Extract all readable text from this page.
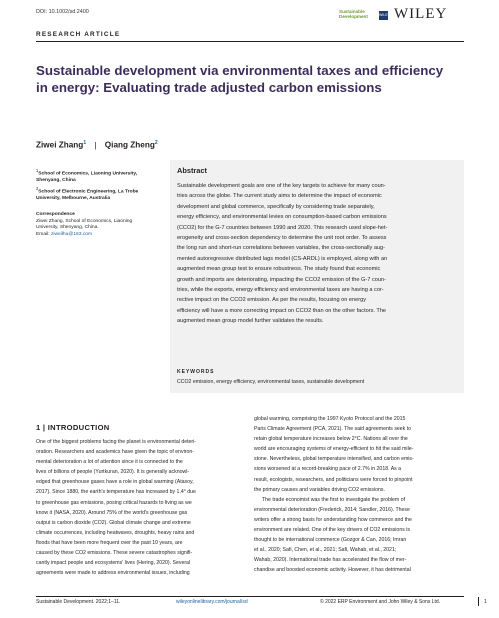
DOI: 10.1002/sd.2400	Sustainable
Development	WILEY WILEY
RESEARCH ARTICLE
Sustainable development via environmental taxes and efficiency in energy: Evaluating trade adjusted carbon emissions
Ziwei Zhang$^1$ | Qiang Zheng$^2$
$^1$School of Economics, Liaoning University, Shenyang, China
$^2$School of Electronic Engineering, La Trobe University, Melbourne, Australia
Correspondence
Ziwei Zhang, School of Economics, Liaoning
University, Shenyang, China.
Email: ziweilhu@163.com
Abstract
Sustainable development goals are one of the key targets to achieve for many coun-
tries across the globe. The current study aims to determine the impact of economic
development and global commerce, specifically by considering trade separately,
energy efficiency, and environmental levies on consumption-based carbon emissions
(CCO2) for the G-7 countries between 1990 and 2020. This research used slope-het-
erogeneity and cross-section dependency to determine the unit root order. To assess
the long run and short-run correlations between variables, the cross-sectionally aug-
mented autoregressive distributed lags model (CS-ARDL) is employed, along with an
augmented mean group test to ensure robustness. The study found that economic
growth and imports are deteriorating, impacting the CCO2 emission of the G-7 coun-
tries, while the exports, energy efficiency and environmental taxes are having a cor-
rective impact on the CCO2 emission. As per the results, focusing on energy
efficiency will have a more correcting impact on CCO2 than on the other factors. The
augmented mean group model further validates the results.
KEYWORDS
CCO2 emission, energy efficiency, environmental taxes, sustainable development
1 | INTRODUCTION
One of the biggest problems facing the planet is environmental deteri-
oration. Researchers and academics have given the topic of environ-
mental deterioration a lot of attention since it is connected to the
lives of billions of people (Yurtkuran, 2020). It is generally acknowl-
edged that greenhouse gases have a role in global warming (Atasoy,
2017). Since 1880, the earth's temperature has increased by 1.4° due
to greenhouse gas emissions, posing critical hazards to living as we
know it (NASA, 2020). Around 75% of the world's greenhouse gas
output is carbon dioxide (CO2). Global climate change and extreme
climate occurrences, including heatwaves, droughts, heavy rains and
floods that have been more frequent over the past 10 years, are
caused by these CO2 emissions. These severe catastrophes signifi-
cantly impact people and ecosystems' lives (Hering, 2020). Several
agreements were made to address environmental issues, including
global warming, comprising the 1997 Kyoto Protocol and the 2015
Paris Climate Agreement (PCA, 2021). The said agreements seek to
retain global temperature increases below 2°C. Nations all over the
world are encouraging systems of energy-efficient to hit the said mile-
stone. Nevertheless, global temperature intensified, and carbon emis-
sions worsened at a record-breaking pace of 2.7% in 2018. As a
result, ecologists, researchers, and politicians were forced to pinpoint
the primary causes and variables driving CO2 emissions.
The trade economist was the first to investigate the problem of
environmental deterioration (Frederick, 2014; Sandler, 2016). These
writers offer a strong basis for understanding how commerce and the
environment are related. One of the key drivers of CO2 emissions is
thought to be international commerce (Gozgor & Can, 2016; Imran
et al., 2020; Safi, Chen, et al., 2021; Safi, Wahab, et al., 2021;
Wahab, 2020). International trade has accelerated the flow of mer-
chandise and boosted economic activity. However, it has detrimental
Sustainable Development. 2022;1–11.	wileyonlinelibrary.com/journal/sd	© 2022 ERP Environment and John Wiley & Sons Ltd.	1
